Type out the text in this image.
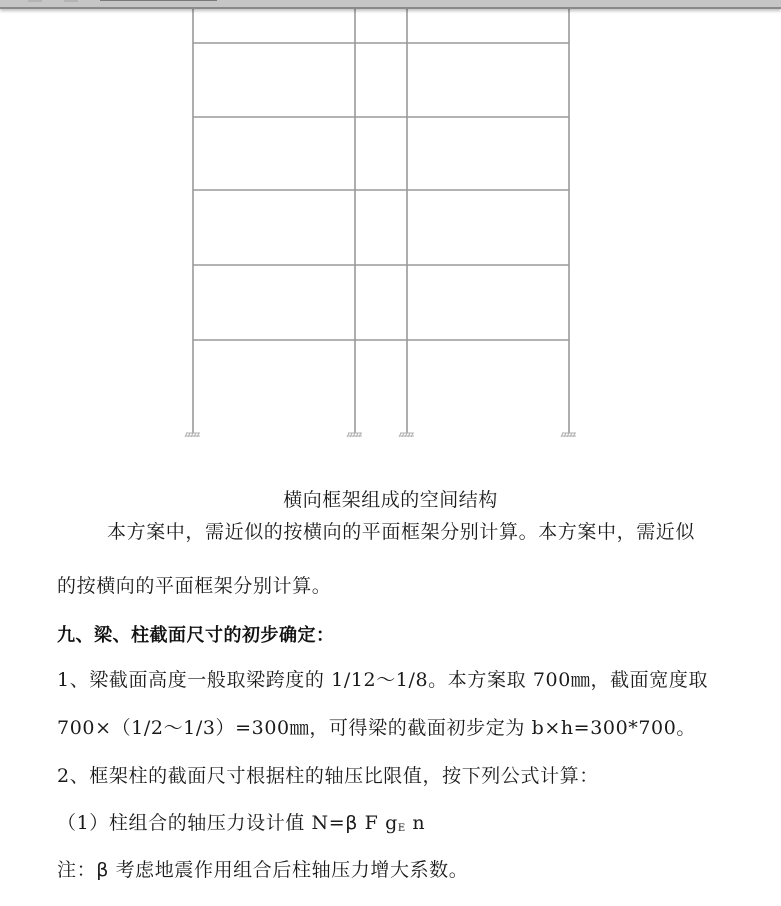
横向框架组成的空间结构
本方案中，需近似的按横向的平面框架分别计算。本方案中，需近似
的按横向的平面框架分别计算。
九、梁、柱截面尺寸的初步确定：
1、梁截面高度一般取梁跨度的 1/12～1/8。本方案取 700㎜，截面宽度取
700×（1/2～1/3）=300㎜，可得梁的截面初步定为 b×h=300*700。
2、框架柱的截面尺寸根据柱的轴压比限值，按下列公式计算：
（1）柱组合的轴压力设计值 N=β F $g_E$ n
注：β 考虑地震作用组合后柱轴压力增大系数。
